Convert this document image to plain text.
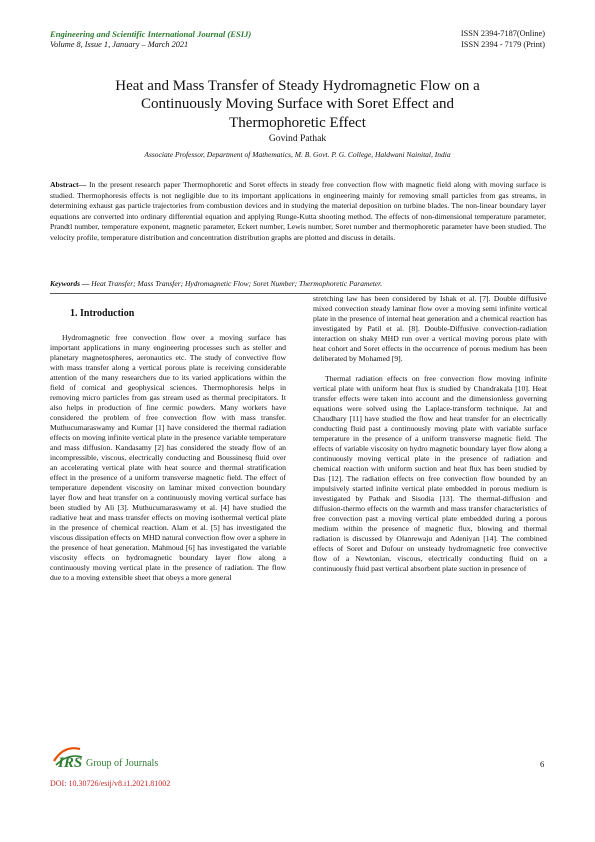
Engineering and Scientific International Journal (ESIJ)
Volume 8, Issue 1, January – March 2021
ISSN 2394-7187(Online)
ISSN 2394 - 7179 (Print)
Heat and Mass Transfer of Steady Hydromagnetic Flow on a
Continuously Moving Surface with Soret Effect and
Thermophoretic Effect
Govind Pathak
Associate Professor, Department of Mathematics, M. B. Govt. P. G. College, Haldwani Nainital, India
Abstract— In the present research paper Thermophoretic and Soret effects in steady free convection flow with magnetic field along with moving surface is studied. Thermophoresis effects is not negligible due to its important applications in engineering mainly for removing small particles from gas streams, in determining exhaust gas particle trajectories from combustion devices and in studying the material deposition on turbine blades. The non-linear boundary layer equations are converted into ordinary differential equation and applying Runge-Kutta shooting method. The effects of non-dimensional temperature parameter, Prandtl number, temperature exponent, magnetic parameter, Eckert number, Lewis number, Soret number and thermophoretic parameter have been studied. The velocity profile, temperature distribution and concentration distribution graphs are plotted and discuss in details.
Keywords — Heat Transfer; Mass Transfer; Hydromagnetic Flow; Soret Number; Thermophoretic Parameter.
1. Introduction

Hydromagnetic free convection flow over a moving surface has important applications in many engineering processes such as steller and planetary magnetospheres, aeronautics etc. The study of convective flow with mass transfer along a vertical porous plate is receiving considerable attention of the many researchers due to its varied applications within the field of comical and geophysical sciences. Thermophoresis helps in removing micro particles from gas stream used as thermal precipitators. It also helps in production of fine cermic powders. Many workers have considered the problem of free convection flow with mass transfer. Muthucumaraswamy and Kumar [1] have considered the thermal radiation effects on moving infinite vertical plate in the presence variable temperature and mass diffusion. Kandasamy [2] has considered the steady flow of an incompressible, viscous, electrically conducting and Boussinesq fluid over an accelerating vertical plate with heat source and thermal stratification effect in the presence of a uniform transverse magnetic field. The effect of temperature dependent viscosity on laminar mixed convection boundary layer flow and heat transfer on a continuously moving vertical surface has been studied by Ali [3]. Muthucumaraswamy et al. [4] have studied the radiative heat and mass transfer effects on moving isothermal vertical plate in the presence of chemical reaction. Alam et al. [5] has investigated the viscous dissipation effects on MHD natural convection flow over a sphere in the presence of heat generation. Mahmoud [6] has investigated the variable viscosity effects on hydromagnetic boundary layer flow along a continuously moving vertical plate in the presence of radiation. The flow due to a moving extensible sheet that obeys a more general

stretching law has been considered by Ishak et al. [7]. Double diffusive mixed convection steady laminar flow over a moving semi infinite vertical plate in the presence of internal heat generation and a chemical reaction has investigated by Patil et al. [8]. Double-Diffusive convection-radiation interaction on shaky MHD run over a vertical moving porous plate with heat cohort and Soret effects in the occurrence of porous medium has been deliberated by Mohamed [9].

Thermal radiation effects on free convection flow moving infinite vertical plate with uniform heat flux is studied by Chandrakala [10]. Heat transfer effects were taken into account and the dimensionless governing equations were solved using the Laplace-transform technique. Jat and Chaudhary [11] have studied the flow and heat transfer for an electrically conducting fluid past a continuously moving plate with variable surface temperature in the presence of a uniform transverse magnetic field. The effects of variable viscosity on hydro magnetic boundary layer flow along a continuously moving vertical plate in the presence of radiation and chemical reaction with uniform suction and heat flux has been studied by Das [12]. The radiation effects on free convection flow bounded by an impulsively started infinite vertical plate embedded in porous medium is investigated by Pathak and Sisodia [13]. The thermal-diffusion and diffusion-thermo effects on the warmth and mass transfer characteristics of free convection past a moving vertical plate embedded during a porous medium within the presence of magnetic flux, blowing and thermal radiation is discussed by Olanrewaju and Adeniyan [14]. The combined effects of Soret and Dufour on unsteady hydromagnetic free convective flow of a Newtonian, viscous, electrically conducting fluid on a continuously fluid past vertical absorbent plate suction in presence of

IRS Group of Journals	6
DOI: 10.30726/esij/v8.i1.2021.81002
